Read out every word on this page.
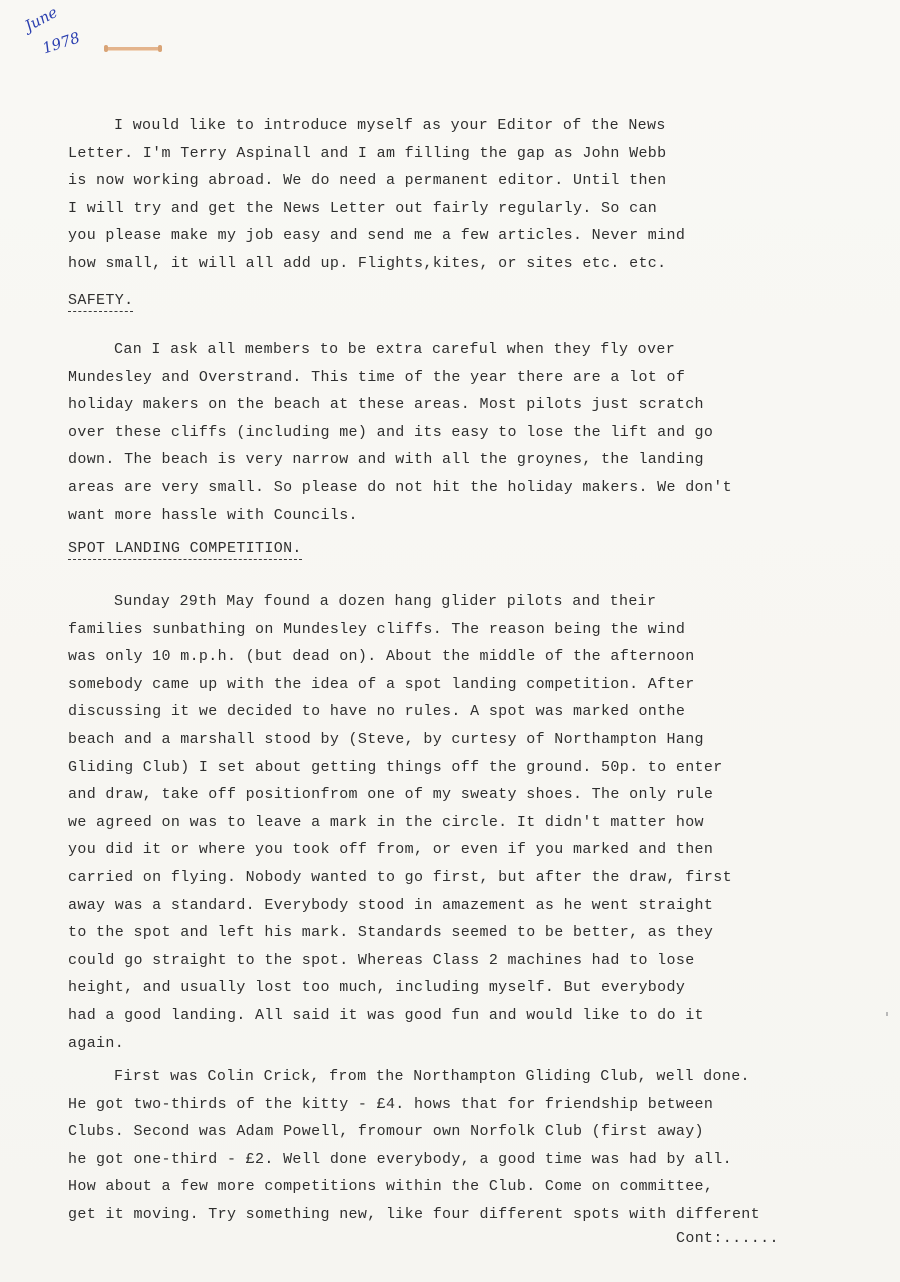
June
1978

I would like to introduce myself as your Editor of the News

Letter. I'm Terry Aspinall and I am filling the gap as John Webb

is now working abroad. We do need a permanent editor. Until then

I will try and get the News Letter out fairly regularly. So can

you please make my job easy and send me a few articles. Never mind

how small, it will all add up. Flights,kites, or sites etc. etc.

SAFETY.

Can I ask all members to be extra careful when they fly over

Mundesley and Overstrand. This time of the year there are a lot of

holiday makers on the beach at these areas. Most pilots just scratch

over these cliffs (including me) and its easy to lose the lift and go

down. The beach is very narrow and with all the groynes, the landing

areas are very small. So please do not hit the holiday makers. We don't

want more hassle with Councils.

SPOT LANDING COMPETITION.

Sunday 29th May found a dozen hang glider pilots and their

families sunbathing on Mundesley cliffs. The reason being the wind

was only 10 m.p.h. (but dead on). About the middle of the afternoon

somebody came up with the idea of a spot landing competition. After

discussing it we decided to have no rules. A spot was marked onthe

beach and a marshall stood by (Steve, by curtesy of Northampton Hang

Gliding Club) I set about getting things off the ground. 50p. to enter

and draw, take off positionfrom one of my sweaty shoes. The only rule

we agreed on was to leave a mark in the circle. It didn't matter how

you did it or where you took off from, or even if you marked and then

carried on flying. Nobody wanted to go first, but after the draw, first

away was a standard. Everybody stood in amazement as he went straight

to the spot and left his mark. Standards seemed to be better, as they

could go straight to the spot. Whereas Class 2 machines had to lose

height, and usually lost too much, including myself. But everybody

had a good landing. All said it was good fun and would like to do it

again.

First was Colin Crick, from the Northampton Gliding Club, well done.

He got two-thirds of the kitty - £4. hows that for friendship between

Clubs. Second was Adam Powell, fromour own Norfolk Club (first away)

he got one-third - £2. Well done everybody, a good time was had by all.

How about a few more competitions within the Club. Come on committee,

get it moving. Try something new, like four different spots with different

Cont:......
